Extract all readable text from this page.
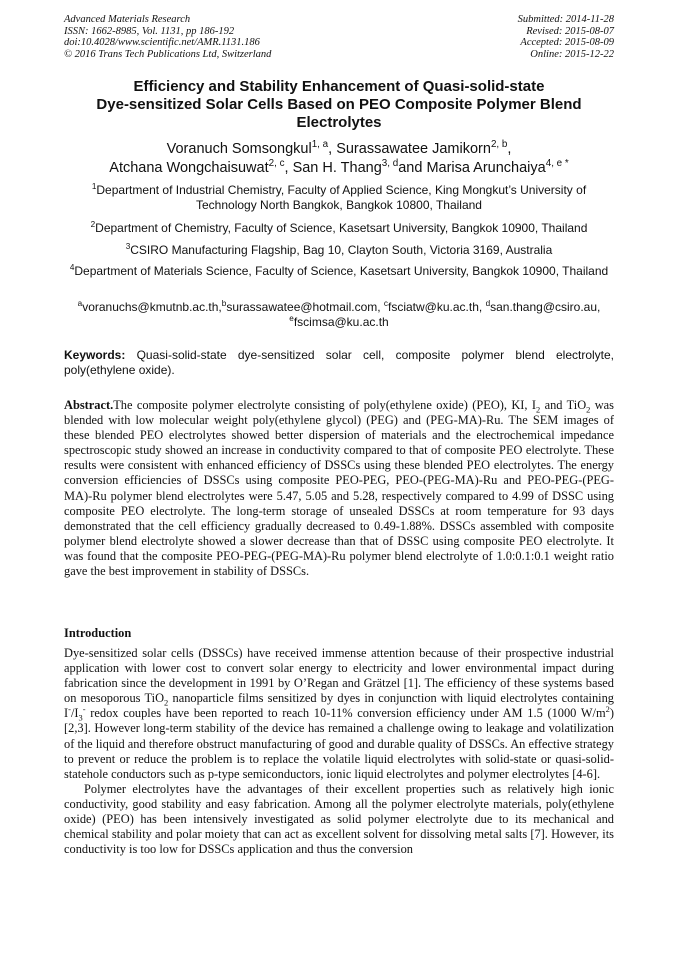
Advanced Materials Research
ISSN: 1662-8985, Vol. 1131, pp 186-192
doi:10.4028/www.scientific.net/AMR.1131.186
© 2016 Trans Tech Publications Ltd, Switzerland
Submitted: 2014-11-28
Revised: 2015-08-07
Accepted: 2015-08-09
Online: 2015-12-22
Efficiency and Stability Enhancement of Quasi-solid-state
Dye-sensitized Solar Cells Based on PEO Composite Polymer Blend
Electrolytes
Voranuch Somsongkul$^{1, a}$, Surassawatee Jamikorn$^{2, b}$,
Atchana Wongchaisuwat$^{2, c}$, San H. Thang$^{3, d}$and Marisa Arunchaiya$^{4, e *}$
$^1$Department of Industrial Chemistry, Faculty of Applied Science, King Mongkut’s University of Technology North Bangkok, Bangkok 10800, Thailand
$^2$Department of Chemistry, Faculty of Science, Kasetsart University, Bangkok 10900, Thailand
$^3$CSIRO Manufacturing Flagship, Bag 10, Clayton South, Victoria 3169, Australia
$^4$Department of Materials Science, Faculty of Science, Kasetsart University, Bangkok 10900, Thailand
$^a$voranuchs@kmutnb.ac.th,$^b$surassawatee@hotmail.com, $^c$fsciatw@ku.ac.th, $^d$san.thang@csiro.au,
$^e$fscimsa@ku.ac.th
Keywords: Quasi-solid-state dye-sensitized solar cell, composite polymer blend electrolyte, poly(ethylene oxide).
Abstract.The composite polymer electrolyte consisting of poly(ethylene oxide) (PEO), KI, $I_2$ and TiO$_2$ was blended with low molecular weight poly(ethylene glycol) (PEG) and (PEG-MA)-Ru. The SEM images of these blended PEO electrolytes showed better dispersion of materials and the electrochemical impedance spectroscopic study showed an increase in conductivity compared to that of composite PEO electrolyte. These results were consistent with enhanced efficiency of DSSCs using these blended PEO electrolytes. The energy conversion efficiencies of DSSCs using composite PEO-PEG, PEO-(PEG-MA)-Ru and PEO-PEG-(PEG-MA)-Ru polymer blend electrolytes were 5.47, 5.05 and 5.28, respectively compared to 4.99 of DSSC using composite PEO electrolyte. The long-term storage of unsealed DSSCs at room temperature for 93 days demonstrated that the cell efficiency gradually decreased to 0.49-1.88%. DSSCs assembled with composite polymer blend electrolyte showed a slower decrease than that of DSSC using composite PEO electrolyte. It was found that the composite PEO-PEG-(PEG-MA)-Ru polymer blend electrolyte of 1.0:0.1:0.1 weight ratio gave the best improvement in stability of DSSCs.
Introduction

Dye-sensitized solar cells (DSSCs) have received immense attention because of their prospective industrial application with lower cost to convert solar energy to electricity and lower environmental impact during fabrication since the development in 1991 by O’Regan and Grätzel [1]. The efficiency of these systems based on mesoporous TiO$_2$ nanoparticle films sensitized by dyes in conjunction with liquid electrolytes containing $I^-/I_3^-$ redox couples have been reported to reach 10-11% conversion efficiency under AM 1.5 (1000 $W/m^2$) [2,3]. However long-term stability of the device has remained a challenge owing to leakage and volatilization of the liquid and therefore obstruct manufacturing of good and durable quality of DSSCs. An effective strategy to prevent or reduce the problem is to replace the volatile liquid electrolytes with solid-state or quasi-solid-statehole conductors such as p-type semiconductors, ionic liquid electrolytes and polymer electrolytes [4-6].

Polymer electrolytes have the advantages of their excellent properties such as relatively high ionic conductivity, good stability and easy fabrication. Among all the polymer electrolyte materials, poly(ethylene oxide) (PEO) has been intensively investigated as solid polymer electrolyte due to its mechanical and chemical stability and polar moiety that can act as excellent solvent for dissolving metal salts [7]. However, its conductivity is too low for DSSCs application and thus the conversion
